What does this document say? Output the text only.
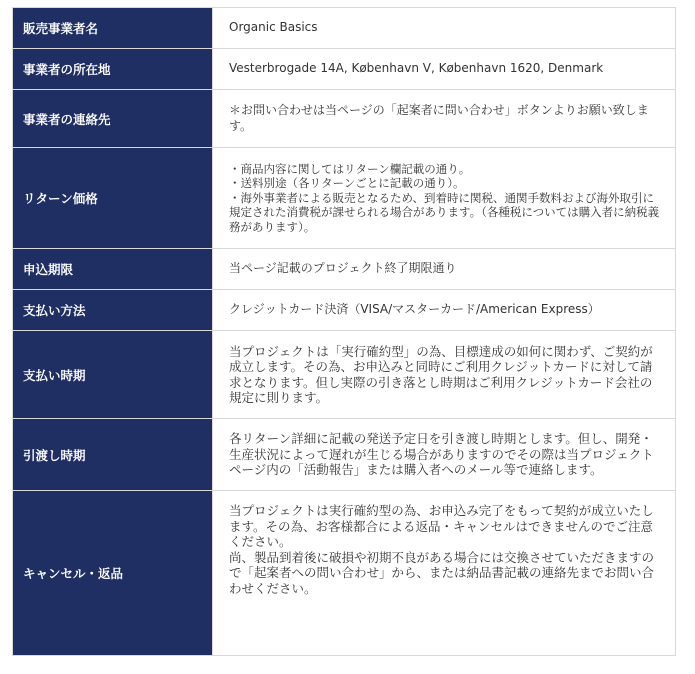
販売事業者名	Organic Basics

事業者の所在地	Vesterbrogade 14A, København V, København 1620, Denmark

事業者の連絡先	＊お問い合わせは当ページの「起案者に問い合わせ」ボタンよりお願い致します。

リターン価格	・商品内容に関してはリターン欄記載の通り。
・送料別途（各リターンごとに記載の通り）。
・海外事業者による販売となるため、到着時に関税、通関手数料および海外取引に規定された消費税が課せられる場合があります。（各種税については購入者に納税義務があります）。

申込期限	当ページ記載のプロジェクト終了期限通り

支払い方法	クレジットカード決済（VISA/マスターカード/American Express）

支払い時期	当プロジェクトは「実行確約型」の為、目標達成の如何に関わず、ご契約が成立します。その為、お申込みと同時にご利用クレジットカードに対して請求となります。但し実際の引き落とし時期はご利用クレジットカード会社の規定に則ります。

引渡し時期	各リターン詳細に記載の発送予定日を引き渡し時期とします。但し、開発・生産状況によって遅れが生じる場合がありますのでその際は当プロジェクトページ内の「活動報告」または購入者へのメール等で連絡します。

キャンセル・返品	当プロジェクトは実行確約型の為、お申込み完了をもって契約が成立いたします。その為、お客様都合による返品・キャンセルはできませんのでご注意ください。
尚、製品到着後に破損や初期不良がある場合には交換させていただきますので「起案者への問い合わせ」から、または納品書記載の連絡先までお問い合わせください。
